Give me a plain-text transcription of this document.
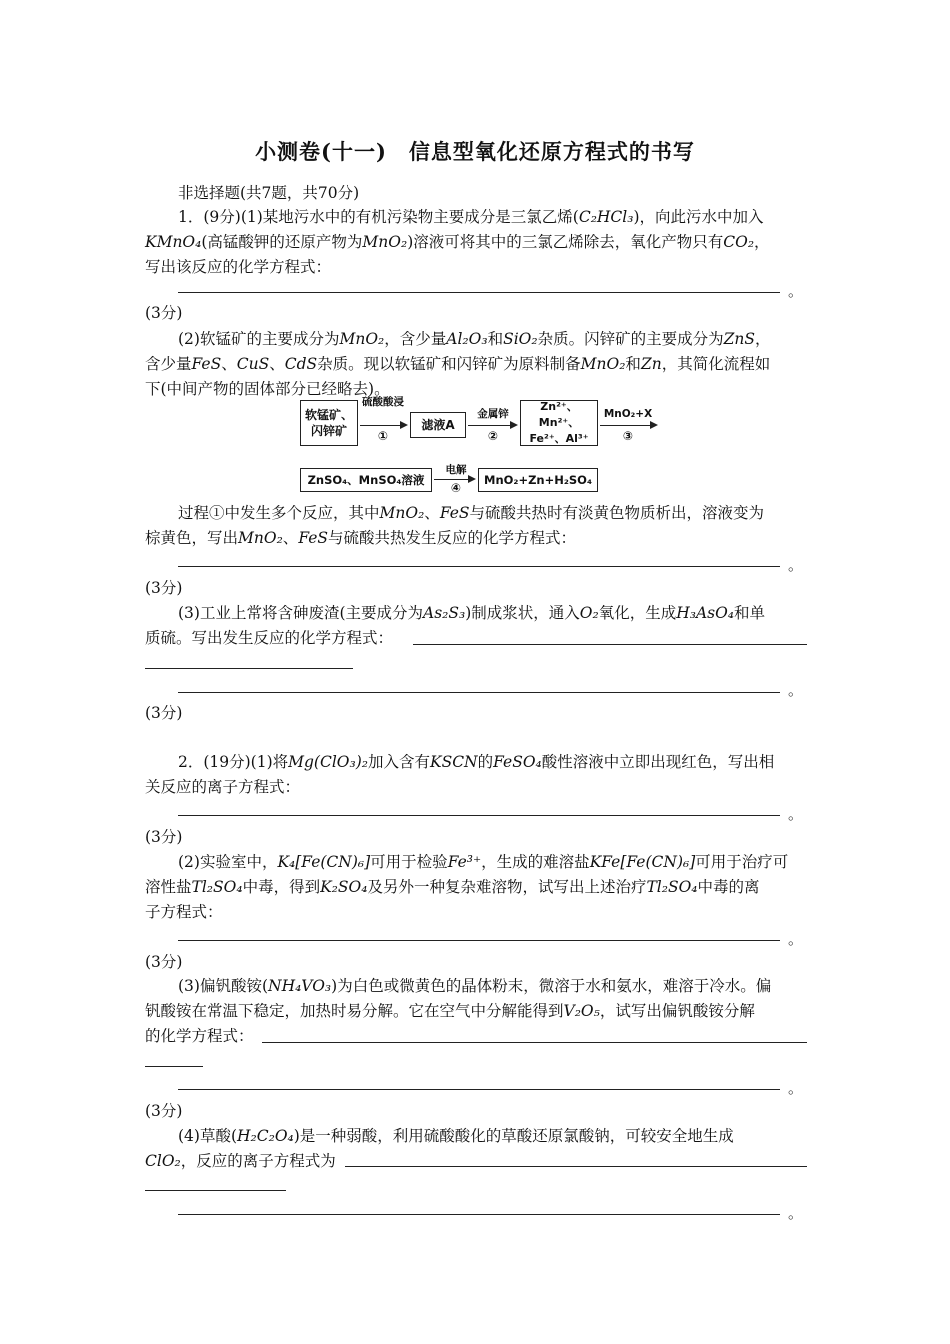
小测卷(十一)　信息型氧化还原方程式的书写
非选择题(共7题，共70分)
1．(9分)(1)某地污水中的有机污染物主要成分是三氯乙烯(C₂HCl₃)，向此污水中加入
KMnO₄(高锰酸钾的还原产物为MnO₂)溶液可将其中的三氯乙烯除去，氧化产物只有CO₂，
写出该反应的化学方程式：
。
(3分)
(2)软锰矿的主要成分为MnO₂，含少量Al₂O₃和SiO₂杂质。闪锌矿的主要成分为ZnS，
含少量FeS、CuS、CdS杂质。现以软锰矿和闪锌矿为原料制备MnO₂和Zn，其简化流程如
下(中间产物的固体部分已经略去)。
软锰矿、闪锌矿
硫酸酸浸
①
滤液A
金属锌
②
Zn²⁺、Mn²⁺、Fe²⁺、Al³⁺
MnO₂+X
③
ZnSO₄、MnSO₄溶液
电解
④
MnO₂+Zn+H₂SO₄
过程①中发生多个反应，其中MnO₂、FeS与硫酸共热时有淡黄色物质析出，溶液变为
棕黄色，写出MnO₂、FeS与硫酸共热发生反应的化学方程式：
。
(3分)
(3)工业上常将含砷废渣(主要成分为As₂S₃)制成浆状，通入O₂氧化，生成H₃AsO₄和单
质硫。写出发生反应的化学方程式：
。
(3分)
2．(19分)(1)将Mg(ClO₃)₂加入含有KSCN的FeSO₄酸性溶液中立即出现红色，写出相
关反应的离子方程式：
。
(3分)
(2)实验室中，K₄[Fe(CN)₆]可用于检验Fe³⁺，生成的难溶盐KFe[Fe(CN)₆]可用于治疗可
溶性盐Tl₂SO₄中毒，得到K₂SO₄及另外一种复杂难溶物，试写出上述治疗Tl₂SO₄中毒的离
子方程式：
。
(3分)
(3)偏钒酸铵(NH₄VO₃)为白色或微黄色的晶体粉末，微溶于水和氨水，难溶于冷水。偏
钒酸铵在常温下稳定，加热时易分解。它在空气中分解能得到V₂O₅，试写出偏钒酸铵分解
的化学方程式：
。
(3分)
(4)草酸(H₂C₂O₄)是一种弱酸，利用硫酸酸化的草酸还原氯酸钠，可较安全地生成
ClO₂，反应的离子方程式为
。
